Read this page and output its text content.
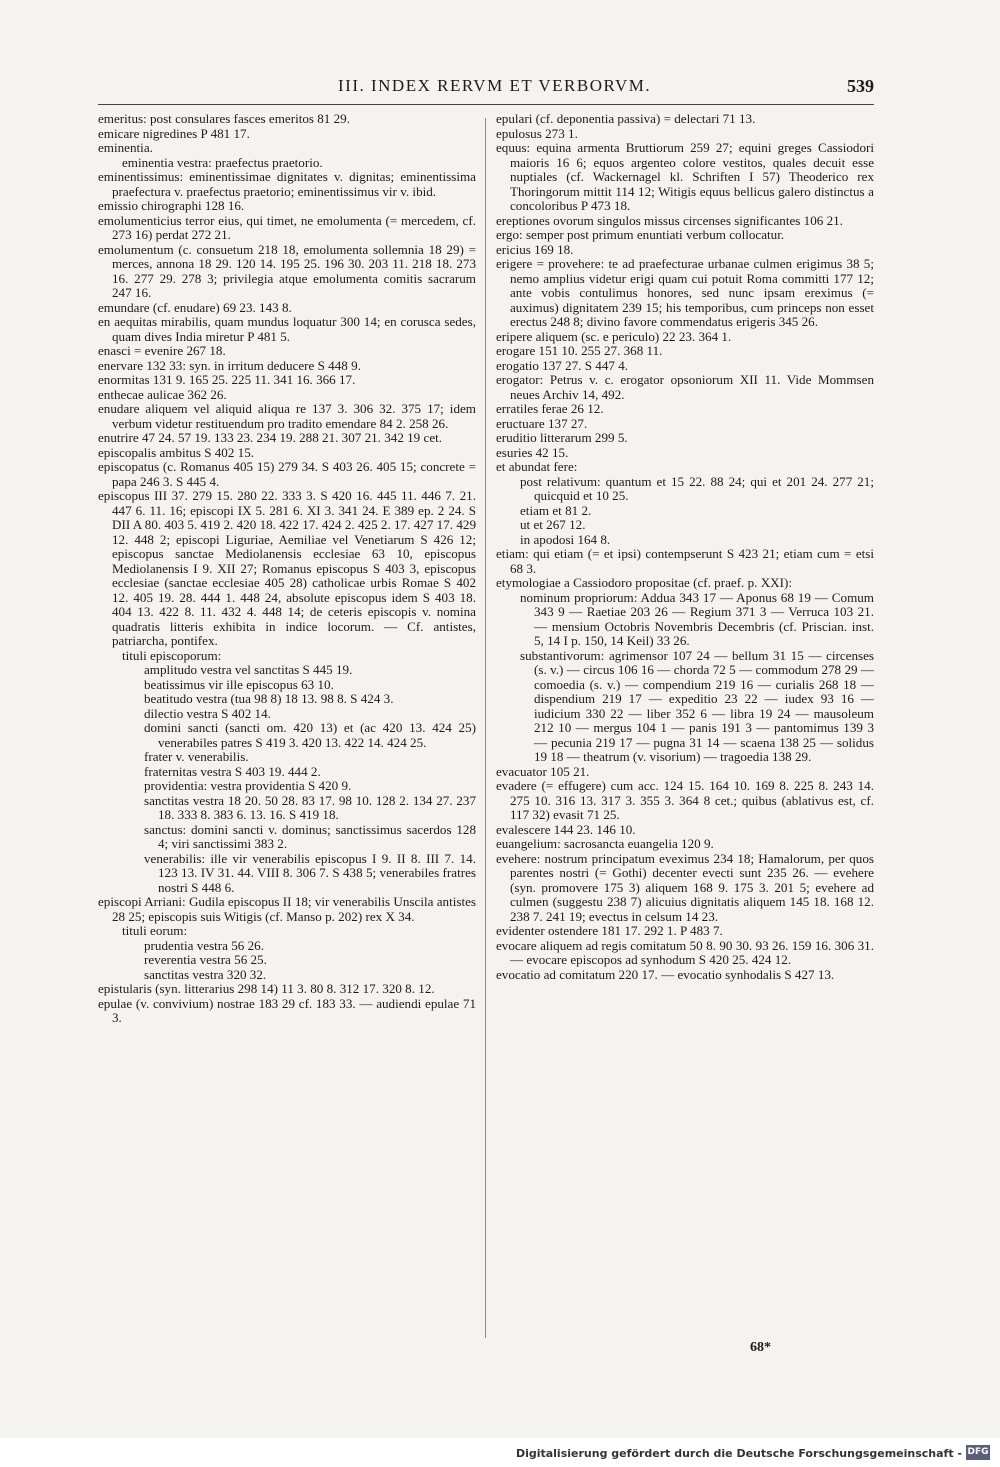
III. INDEX RERVM ET VERBORVM.	539

emeritus: post consulares fasces emeritos 81 29.

emicare nigredines P 481 17.

eminentia.

eminentia vestra: praefectus praetorio.

eminentissimus: eminentissimae dignitates v. dignitas; eminentissima praefectura v. praefectus praetorio; eminentissimus vir v. ibid.

emissio chirographi 128 16.

emolumenticius terror eius, qui timet, ne emolumenta (= mercedem, cf. 273 16) perdat 272 21.

emolumentum (c. consuetum 218 18, emolumenta sollemnia 18 29) = merces, annona 18 29. 120 14. 195 25. 196 30. 203 11. 218 18. 273 16. 277 29. 278 3; privilegia atque emolumenta comitis sacrarum 247 16.

emundare (cf. enudare) 69 23. 143 8.

en aequitas mirabilis, quam mundus loquatur 300 14; en corusca sedes, quam dives India miretur P 481 5.

enasci = evenire 267 18.

enervare 132 33: syn. in irritum deducere S 448 9.

enormitas 131 9. 165 25. 225 11. 341 16. 366 17.

enthecae aulicae 362 26.

enudare aliquem vel aliquid aliqua re 137 3. 306 32. 375 17; idem verbum videtur restituendum pro tradito emendare 84 2. 258 26.

enutrire 47 24. 57 19. 133 23. 234 19. 288 21. 307 21. 342 19 cet.

episcopalis ambitus S 402 15.

episcopatus (c. Romanus 405 15) 279 34. S 403 26. 405 15; concrete = papa 246 3. S 445 4.

episcopus III 37. 279 15. 280 22. 333 3. S 420 16. 445 11. 446 7. 21. 447 6. 11. 16; episcopi IX 5. 281 6. XI 3. 341 24. E 389 ep. 2 24. S DII A 80. 403 5. 419 2. 420 18. 422 17. 424 2. 425 2. 17. 427 17. 429 12. 448 2; episcopi Liguriae, Aemiliae vel Venetiarum S 426 12; episcopus sanctae Mediolanensis ecclesiae 63 10, episcopus Mediolanensis I 9. XII 27; Romanus episcopus S 403 3, episcopus ecclesiae (sanctae ecclesiae 405 28) catholicae urbis Romae S 402 12. 405 19. 28. 444 1. 448 24, absolute episcopus idem S 403 18. 404 13. 422 8. 11. 432 4. 448 14; de ceteris episcopis v. nomina quadratis litteris exhibita in indice locorum. — Cf. antistes, patriarcha, pontifex.

tituli episcoporum:

amplitudo vestra vel sanctitas S 445 19.

beatissimus vir ille episcopus 63 10.

beatitudo vestra (tua 98 8) 18 13. 98 8. S 424 3.

dilectio vestra S 402 14.

domini sancti (sancti om. 420 13) et (ac 420 13. 424 25) venerabiles patres S 419 3. 420 13. 422 14. 424 25.

frater v. venerabilis.

fraternitas vestra S 403 19. 444 2.

providentia: vestra providentia S 420 9.

sanctitas vestra 18 20. 50 28. 83 17. 98 10. 128 2. 134 27. 237 18. 333 8. 383 6. 13. 16. S 419 18.

sanctus: domini sancti v. dominus; sanctissimus sacerdos 128 4; viri sanctissimi 383 2.

venerabilis: ille vir venerabilis episcopus I 9. II 8. III 7. 14. 123 13. IV 31. 44. VIII 8. 306 7. S 438 5; venerabiles fratres nostri S 448 6.

episcopi Arriani: Gudila episcopus II 18; vir venerabilis Unscila antistes 28 25; episcopis suis Witigis (cf. Manso p. 202) rex X 34.

tituli eorum:

prudentia vestra 56 26.

reverentia vestra 56 25.

sanctitas vestra 320 32.

epistularis (syn. litterarius 298 14) 11 3. 80 8. 312 17. 320 8. 12.

epulae (v. convivium) nostrae 183 29 cf. 183 33. — audiendi epulae 71 3.

epulari (cf. deponentia passiva) = delectari 71 13.

epulosus 273 1.

equus: equina armenta Bruttiorum 259 27; equini greges Cassiodori maioris 16 6; equos argenteo colore vestitos, quales decuit esse nuptiales (cf. Wackernagel kl. Schriften I 57) Theoderico rex Thoringorum mittit 114 12; Witigis equus bellicus galero distinctus a concoloribus P 473 18.

ereptiones ovorum singulos missus circenses significantes 106 21.

ergo: semper post primum enuntiati verbum collocatur.

ericius 169 18.

erigere = provehere: te ad praefecturae urbanae culmen erigimus 38 5; nemo amplius videtur erigi quam cui potuit Roma committi 177 12; ante vobis contulimus honores, sed nunc ipsam ereximus (= auximus) dignitatem 239 15; his temporibus, cum princeps non esset erectus 248 8; divino favore commendatus erigeris 345 26.

eripere aliquem (sc. e periculo) 22 23. 364 1.

erogare 151 10. 255 27. 368 11.

erogatio 137 27. S 447 4.

erogator: Petrus v. c. erogator opsoniorum XII 11. Vide Mommsen neues Archiv 14, 492.

erratiles ferae 26 12.

eructuare 137 27.

eruditio litterarum 299 5.

esuries 42 15.

et abundat fere:

post relativum: quantum et 15 22. 88 24; qui et 201 24. 277 21; quicquid et 10 25.

etiam et 81 2.

ut et 267 12.

in apodosi 164 8.

etiam: qui etiam (= et ipsi) contempserunt S 423 21; etiam cum = etsi 68 3.

etymologiae a Cassiodoro propositae (cf. praef. p. XXI):

nominum propriorum: Addua 343 17 — Aponus 68 19 — Comum 343 9 — Raetiae 203 26 — Regium 371 3 — Verruca 103 21. — mensium Octobris Novembris Decembris (cf. Priscian. inst. 5, 14 I p. 150, 14 Keil) 33 26.

substantivorum: agrimensor 107 24 — bellum 31 15 — circenses (s. v.) — circus 106 16 — chorda 72 5 — commodum 278 29 — comoedia (s. v.) — compendium 219 16 — curialis 268 18 — dispendium 219 17 — expeditio 23 22 — iudex 93 16 — iudicium 330 22 — liber 352 6 — libra 19 24 — mausoleum 212 10 — mergus 104 1 — panis 191 3 — pantomimus 139 3 — pecunia 219 17 — pugna 31 14 — scaena 138 25 — solidus 19 18 — theatrum (v. visorium) — tragoedia 138 29.

evacuator 105 21.

evadere (= effugere) cum acc. 124 15. 164 10. 169 8. 225 8. 243 14. 275 10. 316 13. 317 3. 355 3. 364 8 cet.; quibus (ablativus est, cf. 117 32) evasit 71 25.

evalescere 144 23. 146 10.

euangelium: sacrosancta euangelia 120 9.

evehere: nostrum principatum eveximus 234 18; Hamalorum, per quos parentes nostri (= Gothi) decenter evecti sunt 235 26. — evehere (syn. promovere 175 3) aliquem 168 9. 175 3. 201 5; evehere ad culmen (suggestu 238 7) alicuius dignitatis aliquem 145 18. 168 12. 238 7. 241 19; evectus in celsum 14 23.

evidenter ostendere 181 17. 292 1. P 483 7.

evocare aliquem ad regis comitatum 50 8. 90 30. 93 26. 159 16. 306 31. — evocare episcopos ad synhodum S 420 25. 424 12.

evocatio ad comitatum 220 17. — evocatio synhodalis S 427 13.

68*
Digitalisierung gefördert durch die Deutsche Forschungsgemeinschaft - DFG
